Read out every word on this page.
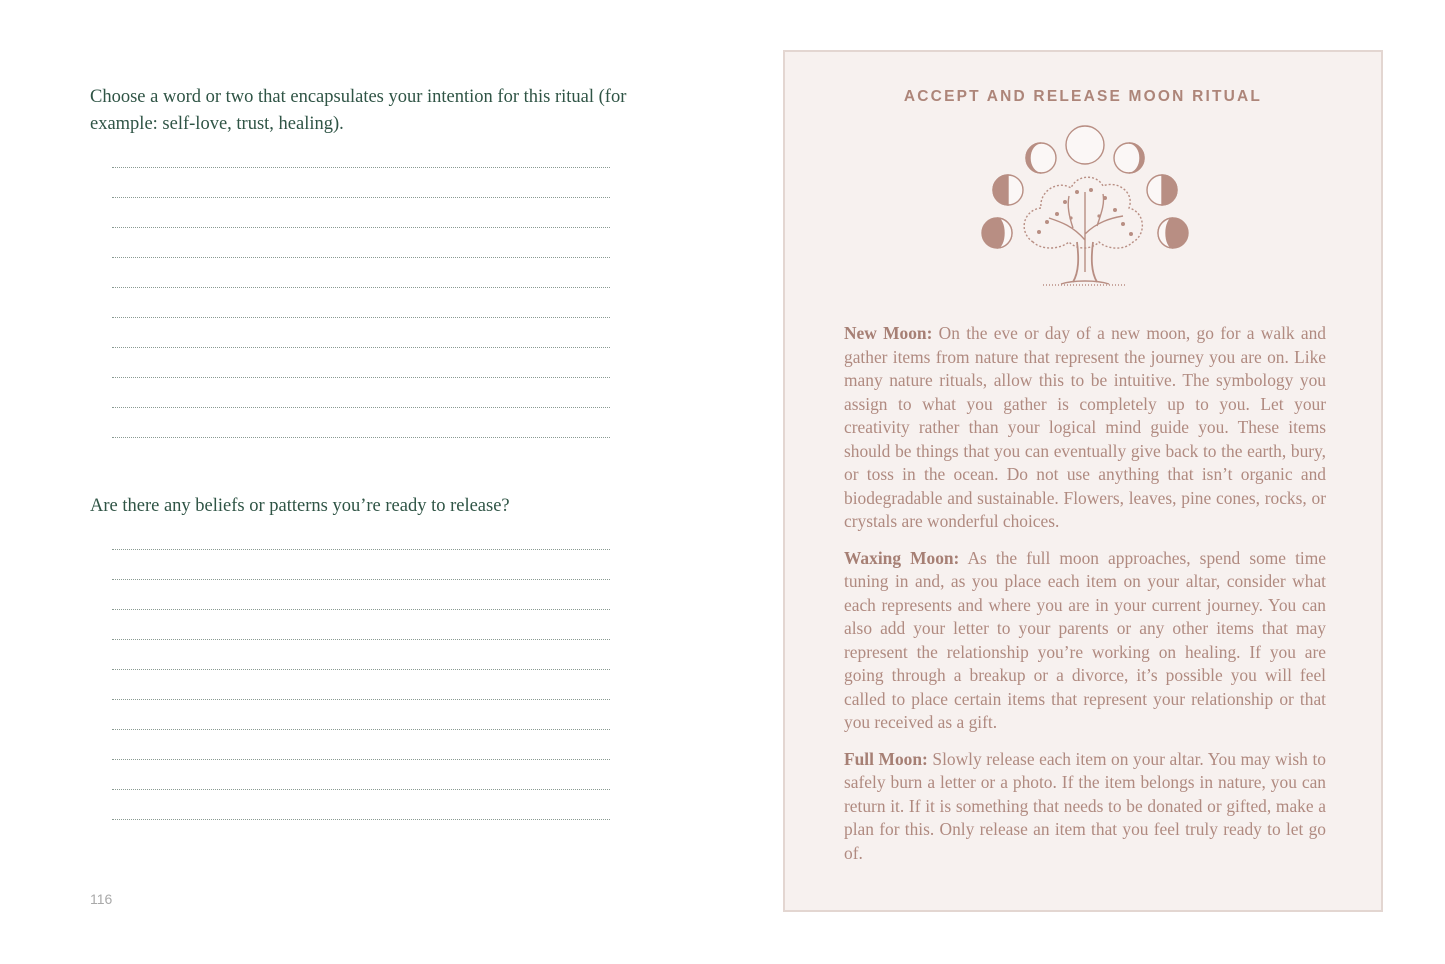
Choose a word or two that encapsulates your intention for this ritual (for example: self-love, trust, healing).

Are there any beliefs or patterns you’re ready to release?

116
ACCEPT AND RELEASE MOON RITUAL

New Moon: On the eve or day of a new moon, go for a walk and gather items from nature that represent the journey you are on. Like many nature rituals, allow this to be intuitive. The symbology you assign to what you gather is completely up to you. Let your creativity rather than your logical mind guide you. These items should be things that you can eventually give back to the earth, bury, or toss in the ocean. Do not use anything that isn’t organic and biodegradable and sustainable. Flowers, leaves, pine cones, rocks, or crystals are wonderful choices.

Waxing Moon: As the full moon approaches, spend some time tuning in and, as you place each item on your altar, consider what each represents and where you are in your current journey. You can also add your letter to your parents or any other items that may represent the relationship you’re working on healing. If you are going through a breakup or a divorce, it’s possible you will feel called to place certain items that represent your relationship or that you received as a gift.

Full Moon: Slowly release each item on your altar. You may wish to safely burn a letter or a photo. If the item belongs in nature, you can return it. If it is something that needs to be donated or gifted, make a plan for this. Only release an item that you feel truly ready to let go of.
